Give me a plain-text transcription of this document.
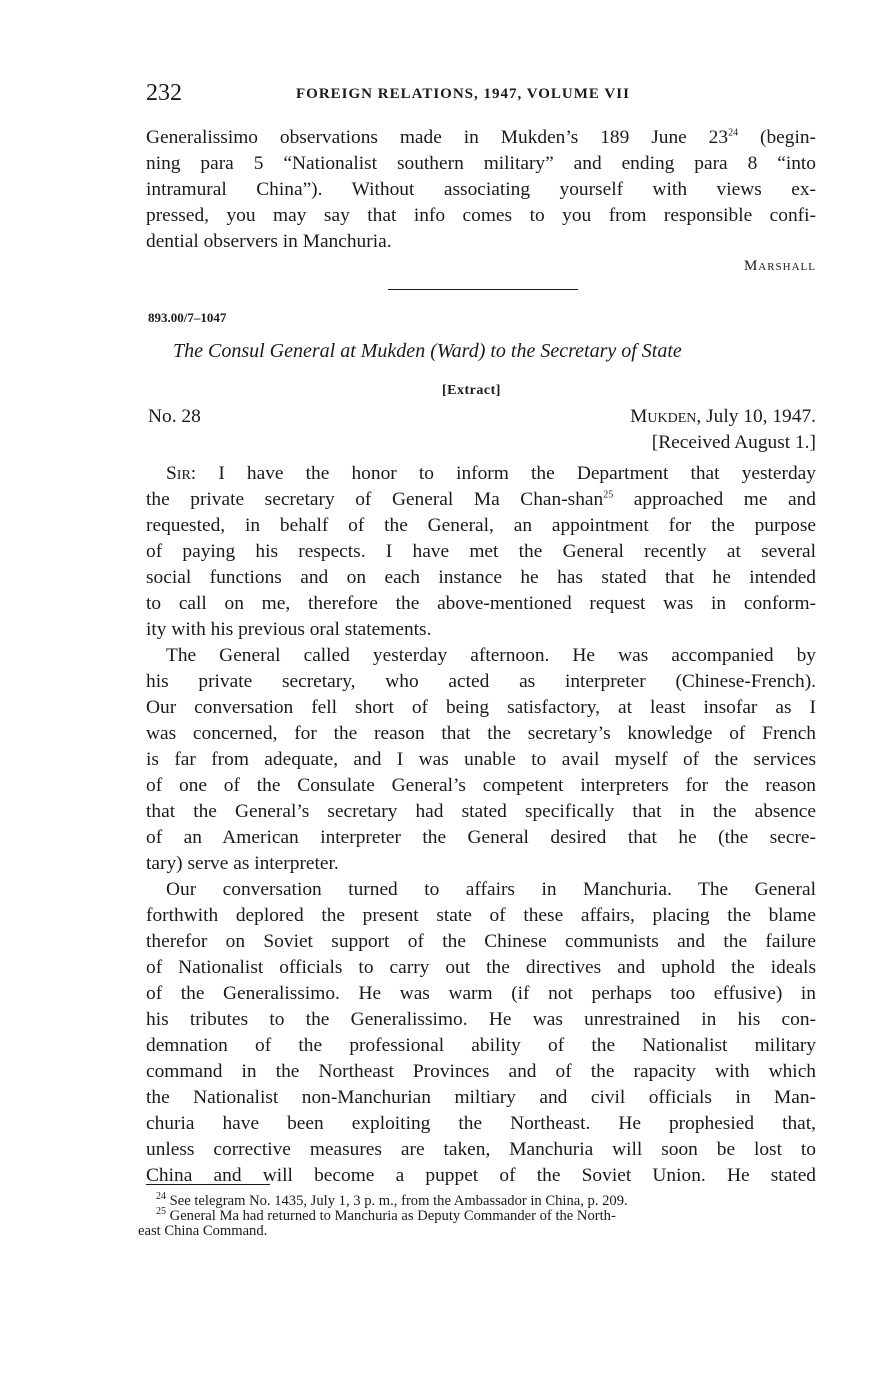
232	FOREIGN RELATIONS, 1947, VOLUME VII
Generalissimo observations made in Mukden’s 189 June $23^{24}$ (begin-
ning para 5 “Nationalist southern military” and ending para 8 “into
intramural China”). Without associating yourself with views ex-
pressed, you may say that info comes to you from responsible confi-
dential observers in Manchuria.
Marshall
893.00/7–1047
The Consul General at Mukden (Ward) to the Secretary of State
[Extract]
No. 28	Mukden, July 10, 1947.
[Received August 1.]
Sir: I have the honor to inform the Department that yesterday
the private secretary of General Ma Chan-shan$^{25}$ approached me and
requested, in behalf of the General, an appointment for the purpose
of paying his respects. I have met the General recently at several
social functions and on each instance he has stated that he intended
to call on me, therefore the above-mentioned request was in conform-
ity with his previous oral statements.
The General called yesterday afternoon. He was accompanied by
his private secretary, who acted as interpreter (Chinese-French).
Our conversation fell short of being satisfactory, at least insofar as I
was concerned, for the reason that the secretary’s knowledge of French
is far from adequate, and I was unable to avail myself of the services
of one of the Consulate General’s competent interpreters for the reason
that the General’s secretary had stated specifically that in the absence
of an American interpreter the General desired that he (the secre-
tary) serve as interpreter.
Our conversation turned to affairs in Manchuria. The General
forthwith deplored the present state of these affairs, placing the blame
therefor on Soviet support of the Chinese communists and the failure
of Nationalist officials to carry out the directives and uphold the ideals
of the Generalissimo. He was warm (if not perhaps too effusive) in
his tributes to the Generalissimo. He was unrestrained in his con-
demnation of the professional ability of the Nationalist military
command in the Northeast Provinces and of the rapacity with which
the Nationalist non-Manchurian miltiary and civil officials in Man-
churia have been exploiting the Northeast. He prophesied that,
unless corrective measures are taken, Manchuria will soon be lost to
China and will become a puppet of the Soviet Union. He stated
$^{24}$ See telegram No. 1435, July 1, 3 p. m., from the Ambassador in China, p. 209.
$^{25}$ General Ma had returned to Manchuria as Deputy Commander of the North-
east China Command.
